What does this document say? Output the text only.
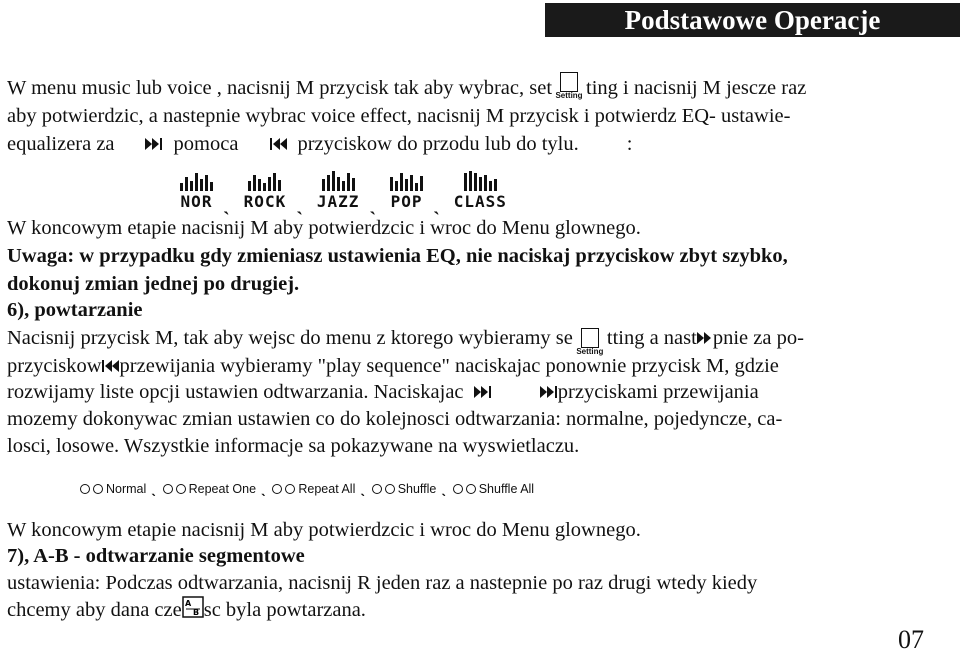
Podstawowe Operacje

W menu music lub voice , nacisnij M przycisk tak aby wybrac, set Setting ting i nacisnij M jescze raz

aby potwierdzic, a nastepnie wybrac voice effect, nacisnij M przycisk i potwierdz EQ- ustawie-

equalizera za	pomoca	przyciskow do przodu lub do tylu. :

NOR ˎ ROCK ˎ JAZZ ˎ POP ˎ CLASS

W koncowym etapie nacisnij M aby potwierdzcic i wroc do Menu glownego.

Uwaga: w przypadku gdy zmieniasz ustawienia EQ, nie naciskaj przyciskow zbyt szybko,

dokonuj zmian jednej po drugiej.

6), powtarzanie

Nacisnij przycisk M, tak aby wejsc do menu z ktorego wybieramy se
Setting
tting a nast pnie za po-

przyciskow przewijania wybieramy "play sequence" naciskajac ponownie przycisk M, gdzie

rozwijamy liste opcji ustawien odtwarzania. Naciskajac	przyciskami przewijania

mozemy dokonywac zmian ustawien co do kolejnosci odtwarzania: normalne, pojedyncze, ca-

losci, losowe. Wszystkie informacje sa pokazywane na wyswietlaczu.

Normal ˎ	Repeat One ˎ	Repeat All ˎ	Shuffle ˎ	Shuffle All

W koncowym etapie nacisnij M aby potwierdzcic i wroc do Menu glownego.

7), A-B - odtwarzanie segmentowe

ustawienia: Podczas odtwarzania, nacisnij R jeden raz a nastepnie po raz drugi wtedy kiedy

chcemy aby dana cze A
B sc byla powtarzana.

07
